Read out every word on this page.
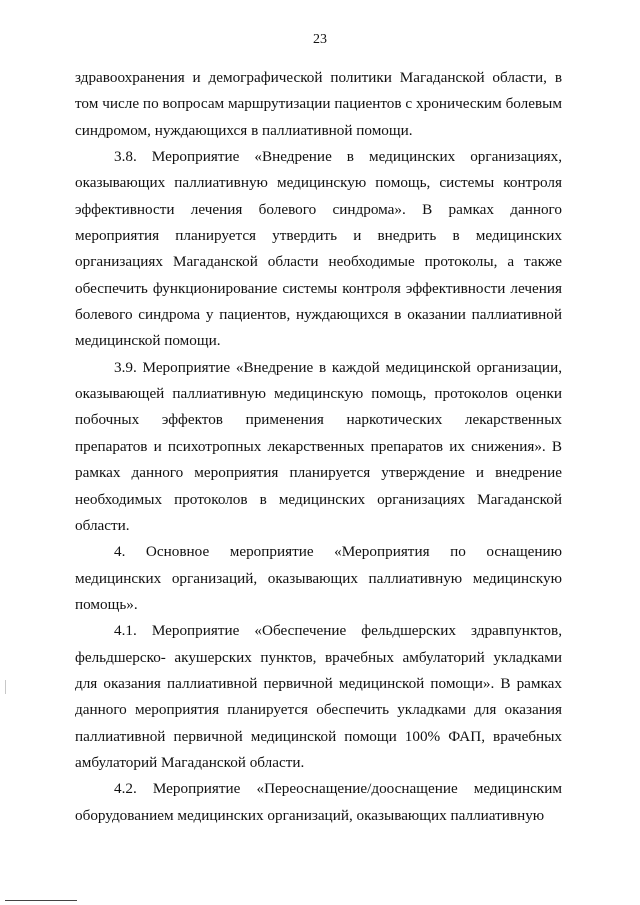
23

здравоохранения и демографической политики Магаданской области, в том числе по вопросам маршрутизации пациентов с хроническим болевым синдромом, нуждающихся в паллиативной помощи.

3.8. Мероприятие «Внедрение в медицинских организациях, оказывающих паллиативную медицинскую помощь, системы контроля эффективности лечения болевого синдрома». В рамках данного мероприятия планируется утвердить и внедрить в медицинских организациях Магаданской области необходимые протоколы, а также обеспечить функционирование системы контроля эффективности лечения болевого синдрома у пациентов, нуждающихся в оказании паллиативной медицинской помощи.

3.9. Мероприятие «Внедрение в каждой медицинской организации, оказывающей паллиативную медицинскую помощь, протоколов оценки побочных эффектов применения наркотических лекарственных препаратов и психотропных лекарственных препаратов их снижения». В рамках данного мероприятия планируется утверждение и внедрение необходимых протоколов в медицинских организациях Магаданской области.

4. Основное мероприятие «Мероприятия по оснащению медицинских организаций, оказывающих паллиативную медицинскую помощь».

4.1. Мероприятие «Обеспечение фельдшерских здравпунктов, фельдшерско- акушерских пунктов, врачебных амбулаторий укладками для оказания паллиативной первичной медицинской помощи». В рамках данного мероприятия планируется обеспечить укладками для оказания паллиативной первичной медицинской помощи 100% ФАП, врачебных амбулаторий Магаданской области.

4.2. Мероприятие «Переоснащение/дооснащение медицинским оборудованием медицинских организаций, оказывающих паллиативную
